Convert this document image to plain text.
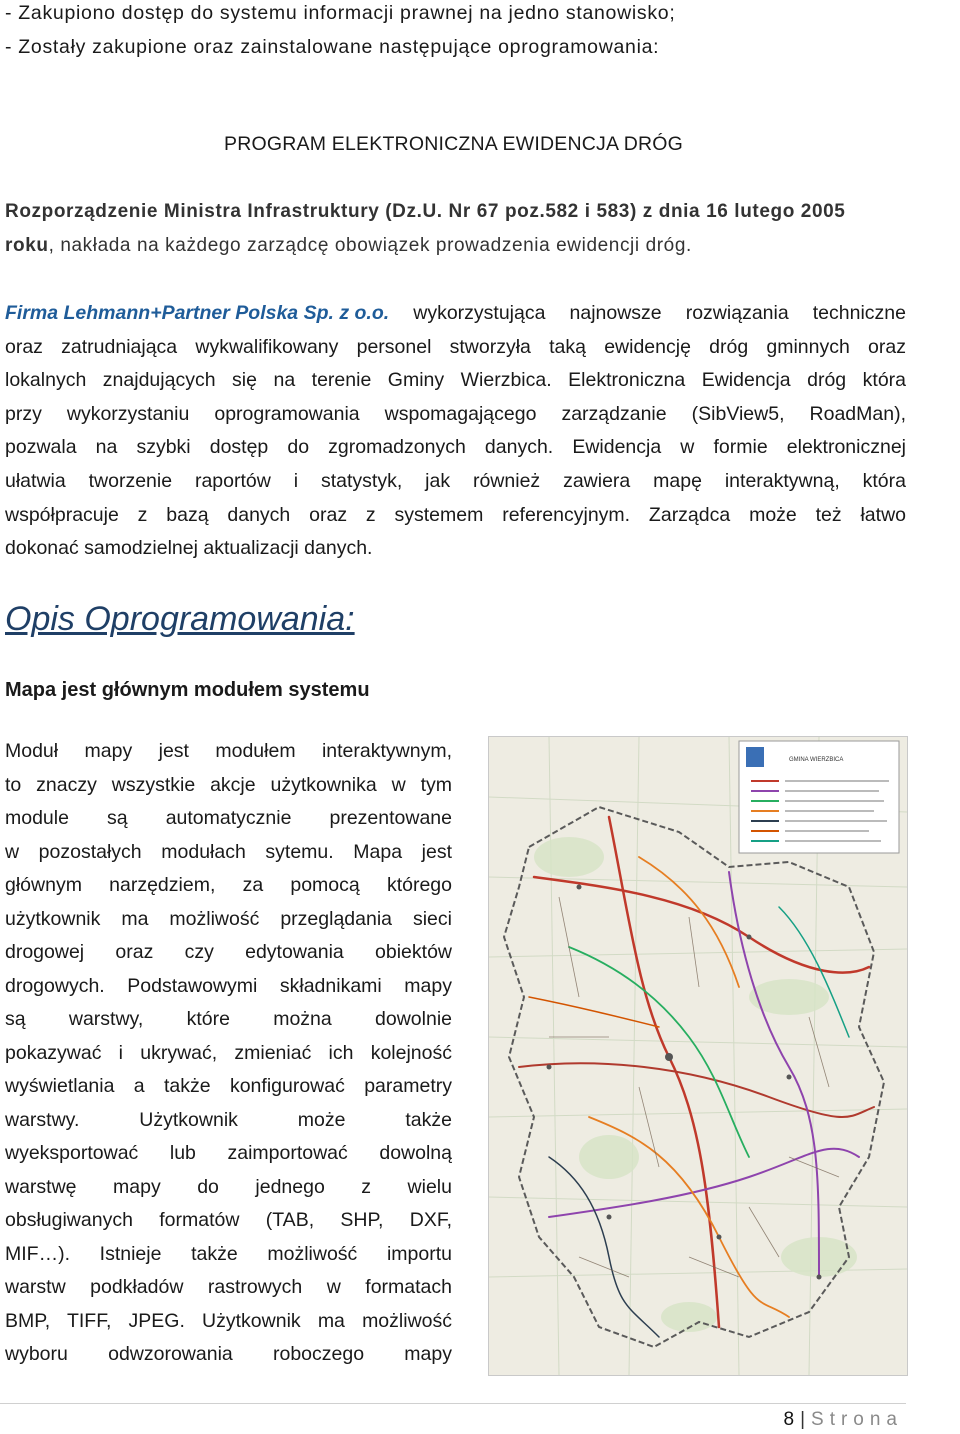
- Zakupiono dostęp do systemu informacji prawnej na jedno stanowisko;
- Zostały zakupione oraz zainstalowane następujące oprogramowania:
PROGRAM ELEKTRONICZNA EWIDENCJA DRÓG
Rozporządzenie Ministra Infrastruktury (Dz.U. Nr 67 poz.582 i 583) z dnia 16 lutego 2005
roku, nakłada na każdego zarządcę obowiązek prowadzenia ewidencji dróg.
Firma Lehmann+Partner Polska Sp. z o.o. wykorzystująca najnowsze rozwiązania techniczne
oraz zatrudniająca wykwalifikowany personel stworzyła taką ewidencję dróg gminnych oraz
lokalnych znajdujących się na terenie Gminy Wierzbica. Elektroniczna Ewidencja dróg która
przy wykorzystaniu oprogramowania wspomagającego zarządzanie (SibView5, RoadMan),
pozwala na szybki dostęp do zgromadzonych danych. Ewidencja w formie elektronicznej
ułatwia tworzenie raportów i statystyk, jak również zawiera mapę interaktywną, która
współpracuje z bazą danych oraz z systemem referencyjnym. Zarządca może też łatwo
dokonać samodzielnej aktualizacji danych.
Opis Oprogramowania:
Mapa jest głównym modułem systemu
Moduł mapy jest modułem interaktywnym,
to znaczy wszystkie akcje użytkownika w tym
module są automatycznie prezentowane
w pozostałych modułach sytemu. Mapa jest
głównym narzędziem, za pomocą którego
użytkownik ma możliwość przeglądania sieci
drogowej oraz czy edytowania obiektów
drogowych. Podstawowymi składnikami mapy
są warstwy, które można dowolnie
pokazywać i ukrywać, zmieniać ich kolejność
wyświetlania a także konfigurować parametry
warstwy. Użytkownik może także
wyeksportować lub zaimportować dowolną
warstwę mapy do jednego z wielu
obsługiwanych formatów (TAB, SHP, DXF,
MIF…). Istnieje także możliwość importu
warstw podkładów rastrowych w formatach
BMP, TIFF, JPEG. Użytkownik ma możliwość
wyboru odwzorowania roboczego mapy
GMINA WIERZBICA
8 | Strona
